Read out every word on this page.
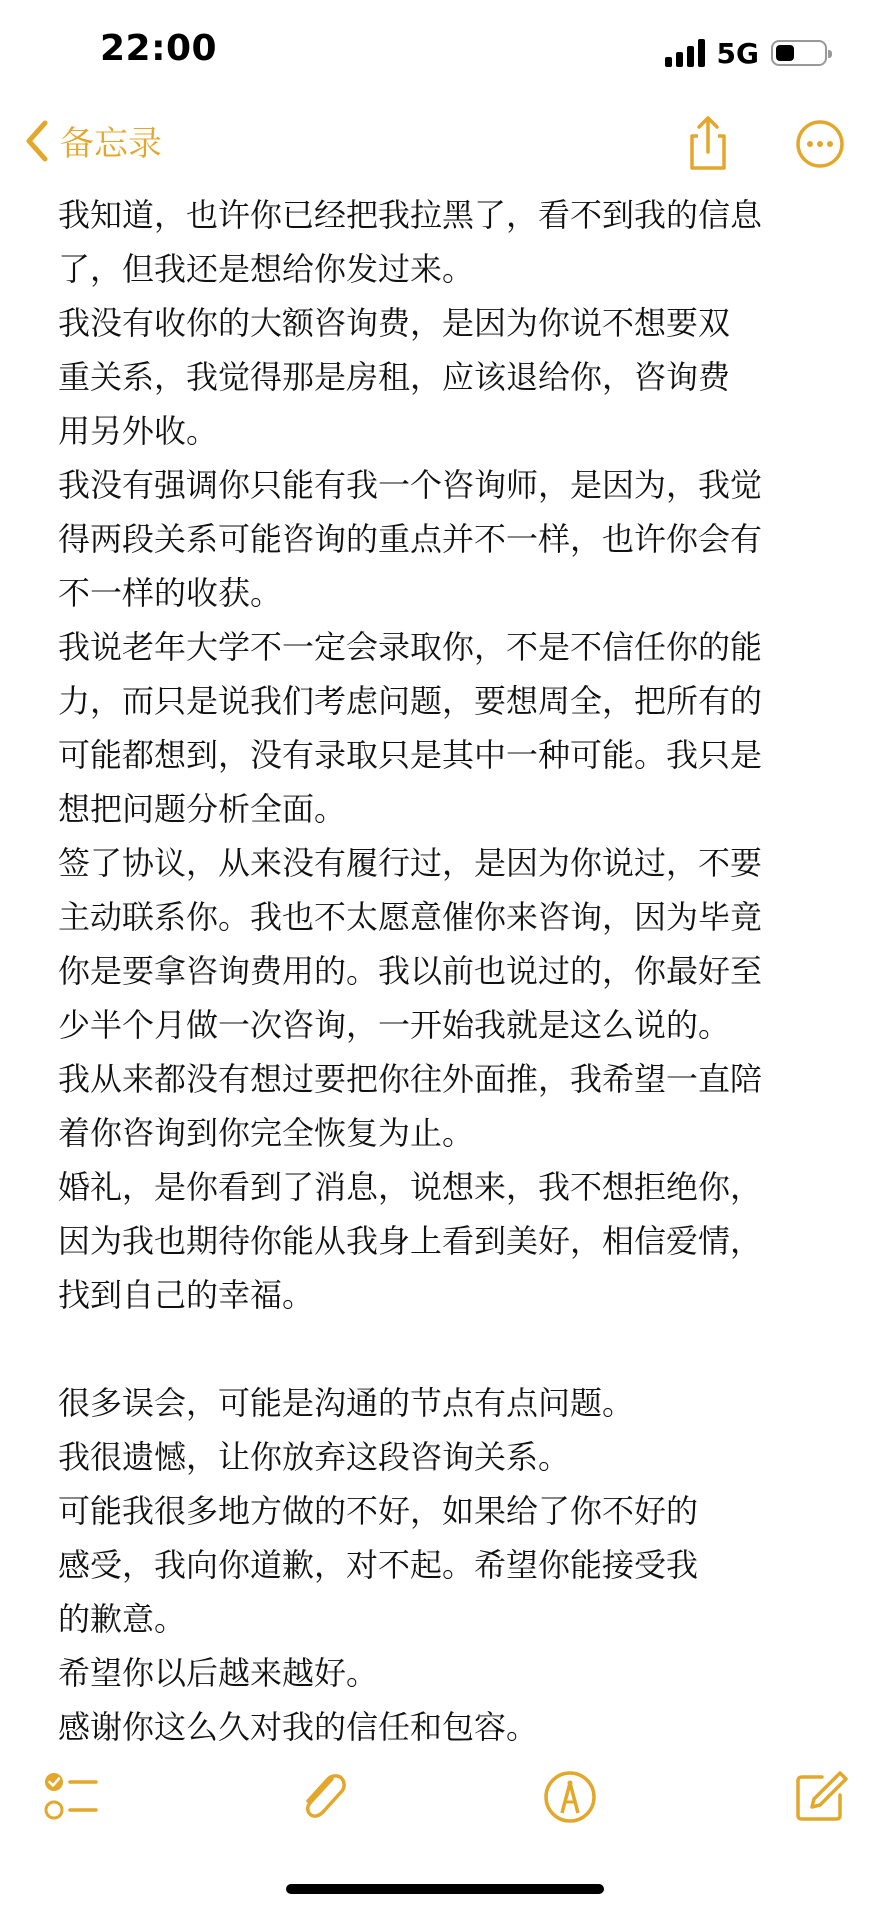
22:00	5G
备忘录
我知道，也许你已经把我拉黑了，看不到我的信息
了，但我还是想给你发过来。
我没有收你的大额咨询费，是因为你说不想要双
重关系，我觉得那是房租，应该退给你，咨询费
用另外收。
我没有强调你只能有我一个咨询师，是因为，我觉
得两段关系可能咨询的重点并不一样，也许你会有
不一样的收获。
我说老年大学不一定会录取你，不是不信任你的能
力，而只是说我们考虑问题，要想周全，把所有的
可能都想到，没有录取只是其中一种可能。我只是
想把问题分析全面。
签了协议，从来没有履行过，是因为你说过，不要
主动联系你。我也不太愿意催你来咨询，因为毕竟
你是要拿咨询费用的。我以前也说过的，你最好至
少半个月做一次咨询，一开始我就是这么说的。
我从来都没有想过要把你往外面推，我希望一直陪
着你咨询到你完全恢复为止。
婚礼，是你看到了消息，说想来，我不想拒绝你，
因为我也期待你能从我身上看到美好，相信爱情，
找到自己的幸福。
很多误会，可能是沟通的节点有点问题。
我很遗憾，让你放弃这段咨询关系。
可能我很多地方做的不好，如果给了你不好的
感受，我向你道歉，对不起。希望你能接受我
的歉意。
希望你以后越来越好。
感谢你这么久对我的信任和包容。
